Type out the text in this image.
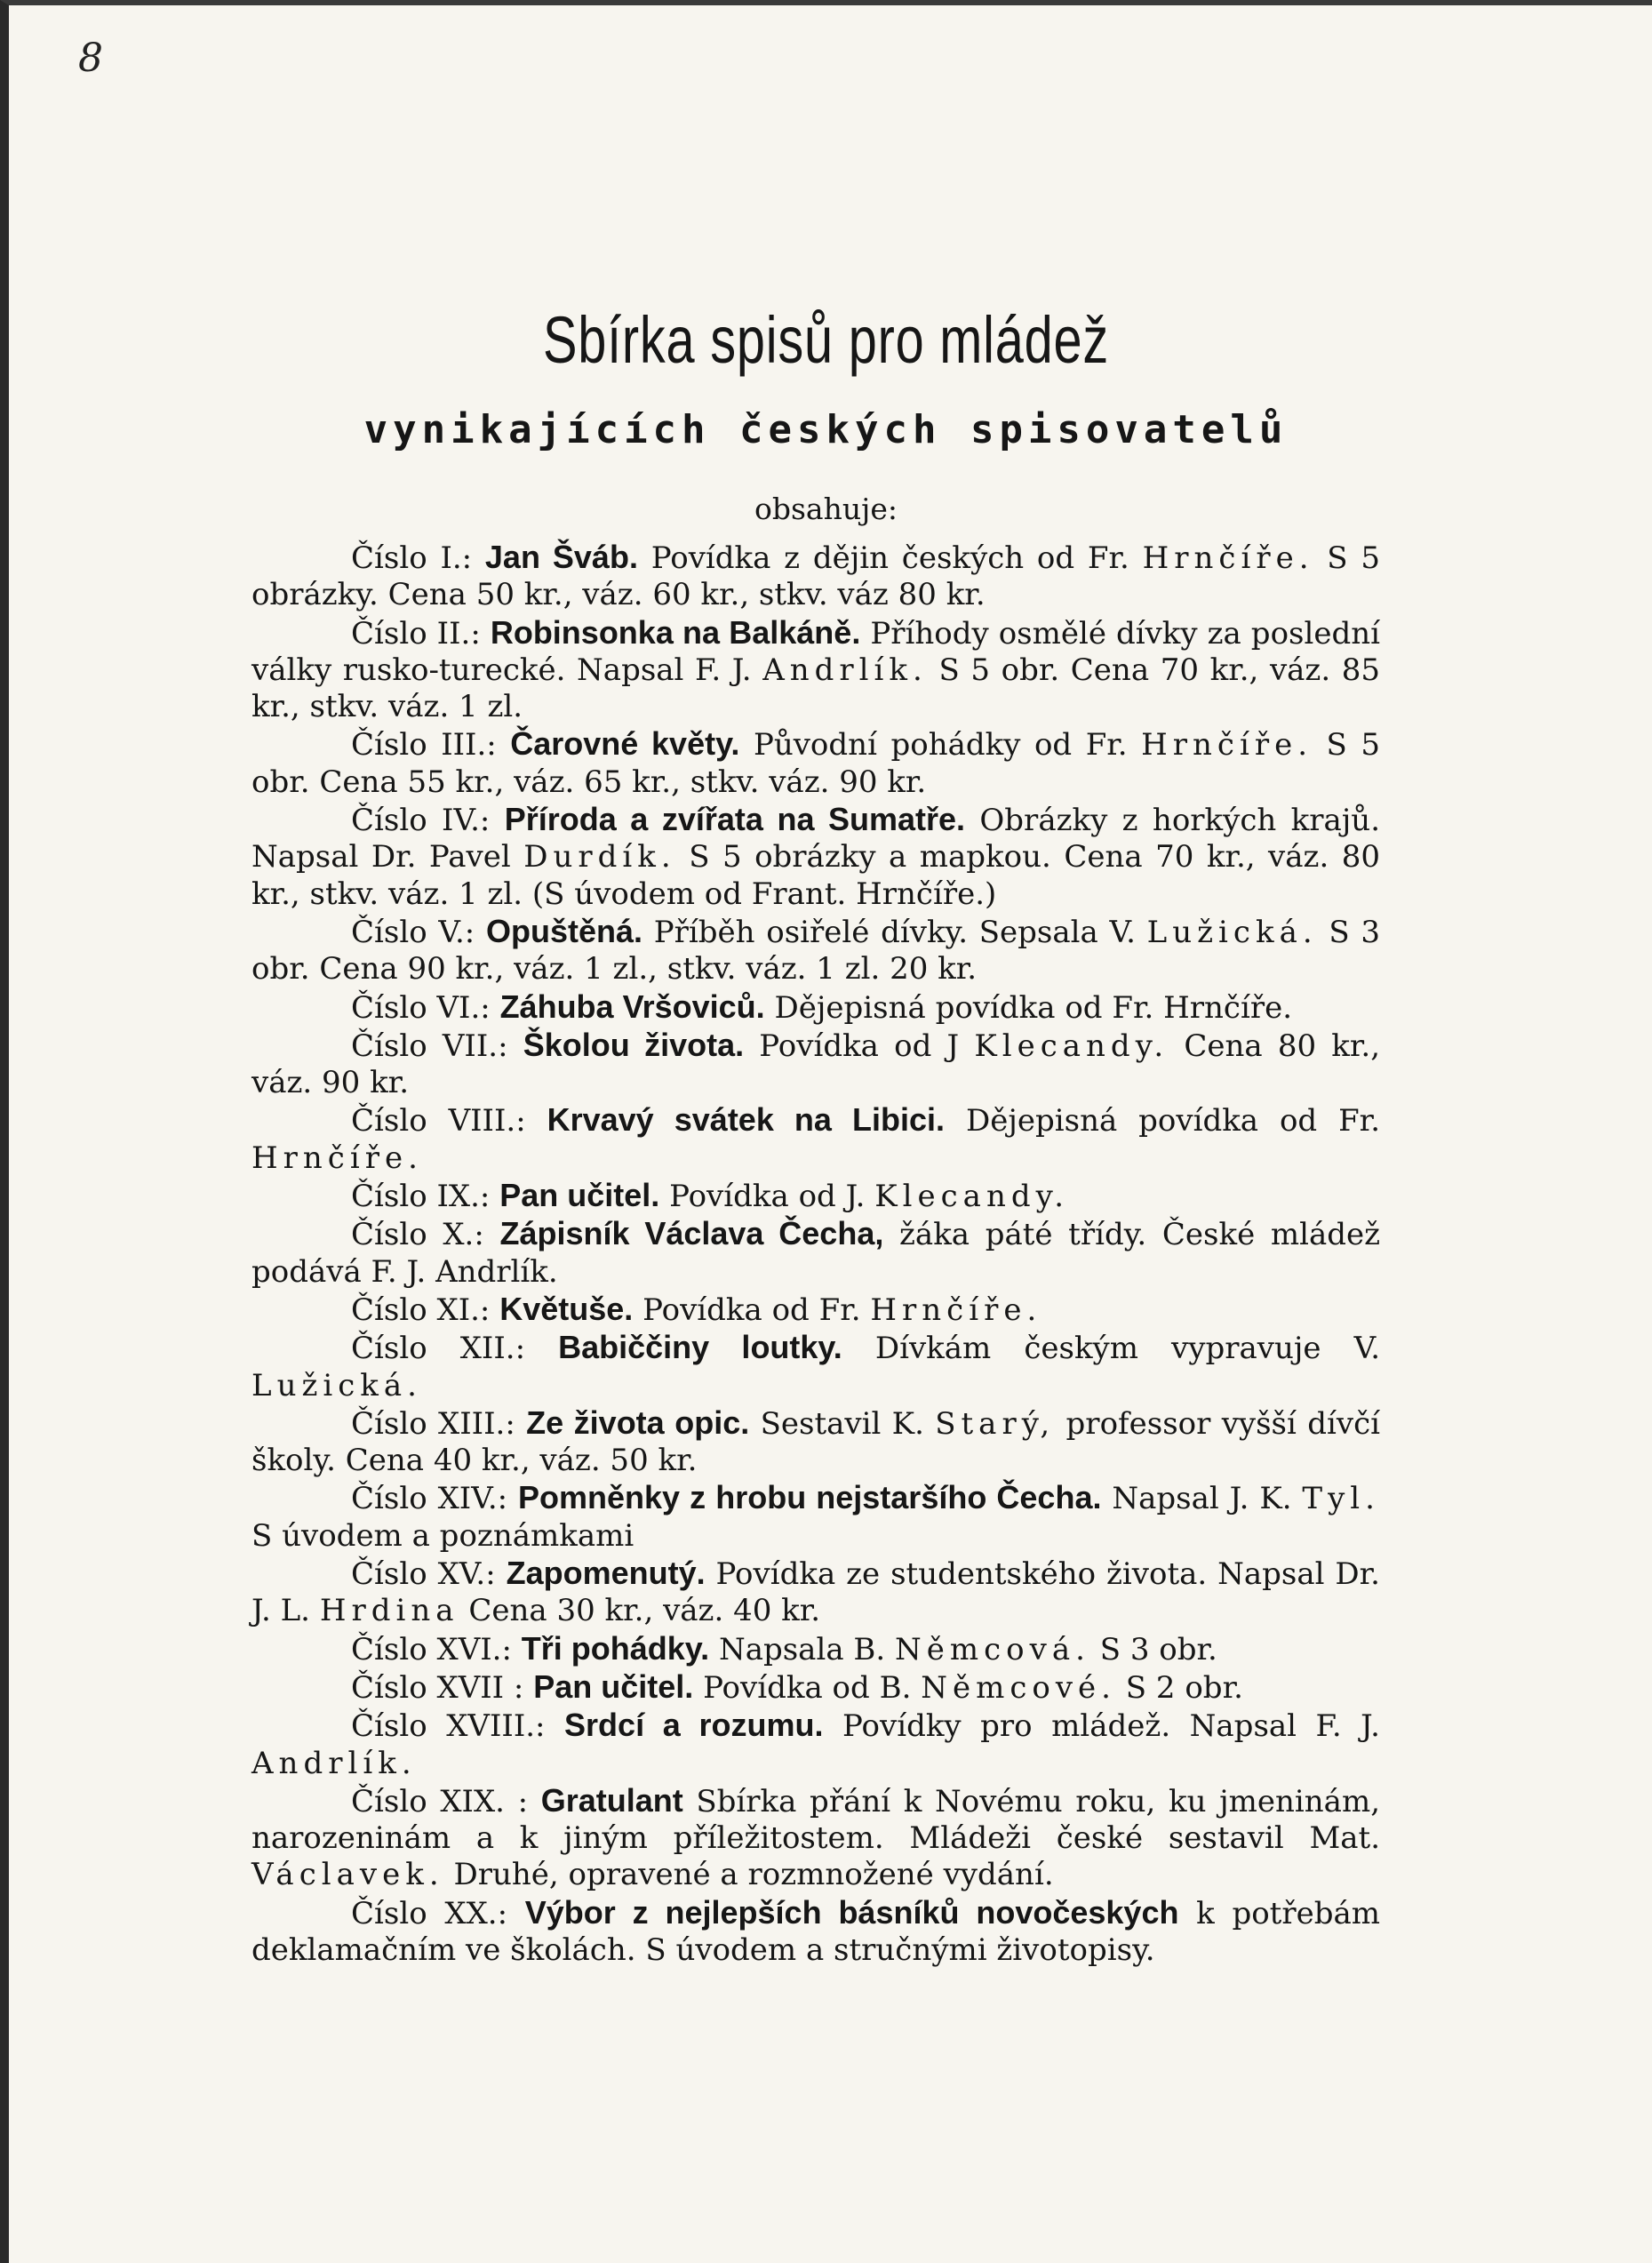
8
Sbírka spisů pro mládež
vynikajících českých spisovatelů
obsahuje:

Číslo I.: Jan Šváb. Povídka z dějin českých od Fr. Hrnčíře. S 5 obrázky. Cena 50 kr., váz. 60 kr., stkv. váz 80 kr.

Číslo II.: Robinsonka na Balkáně. Příhody osmělé dívky za poslední války rusko-turecké. Napsal F. J. Andrlík. S 5 obr. Cena 70 kr., váz. 85 kr., stkv. váz. 1 zl.

Číslo III.: Čarovné květy. Původní pohádky od Fr. Hrnčíře. S 5 obr. Cena 55 kr., váz. 65 kr., stkv. váz. 90 kr.

Číslo IV.: Příroda a zvířata na Sumatře. Obrázky z horkých krajů. Napsal Dr. Pavel Durdík. S 5 obrázky a mapkou. Cena 70 kr., váz. 80 kr., stkv. váz. 1 zl. (S úvodem od Frant. Hrnčíře.)

Číslo V.: Opuštěná. Příběh osiřelé dívky. Sepsala V. Lužická. S 3 obr. Cena 90 kr., váz. 1 zl., stkv. váz. 1 zl. 20 kr.

Číslo VI.: Záhuba Vršoviců. Dějepisná povídka od Fr. Hrnčíře.

Číslo VII.: Školou života. Povídka od J Klecandy. Cena 80 kr., váz. 90 kr.

Číslo VIII.: Krvavý svátek na Libici. Dějepisná povídka od Fr. Hrnčíře.

Číslo IX.: Pan učitel. Povídka od J. Klecandy.

Číslo X.: Zápisník Václava Čecha, žáka páté třídy. České mládež podává F. J. Andrlík.

Číslo XI.: Květuše. Povídka od Fr. Hrnčíře.

Číslo XII.: Babiččiny loutky. Dívkám českým vypravuje V. Lužická.

Číslo XIII.: Ze života opic. Sestavil K. Starý, professor vyšší dívčí školy. Cena 40 kr., váz. 50 kr.

Číslo XIV.: Pomněnky z hrobu nejstaršího Čecha. Napsal J. K. Tyl. S úvodem a poznámkami

Číslo XV.: Zapomenutý. Povídka ze studentského života. Napsal Dr. J. L. Hrdina Cena 30 kr., váz. 40 kr.

Číslo XVI.: Tři pohádky. Napsala B. Němcová. S 3 obr.

Číslo XVII : Pan učitel. Povídka od B. Němcové. S 2 obr.

Číslo XVIII.: Srdcí a rozumu. Povídky pro mládež. Napsal F. J. Andrlík.

Číslo XIX. : Gratulant Sbírka přání k Novému roku, ku jmeninám, narozeninám a k jiným příležitostem. Mládeži české sestavil Mat. Václavek. Druhé, opravené a rozmnožené vydání.

Číslo XX.: Výbor z nejlepších básníků novočeských k potřebám deklamačním ve školách. S úvodem a stručnými životopisy.
